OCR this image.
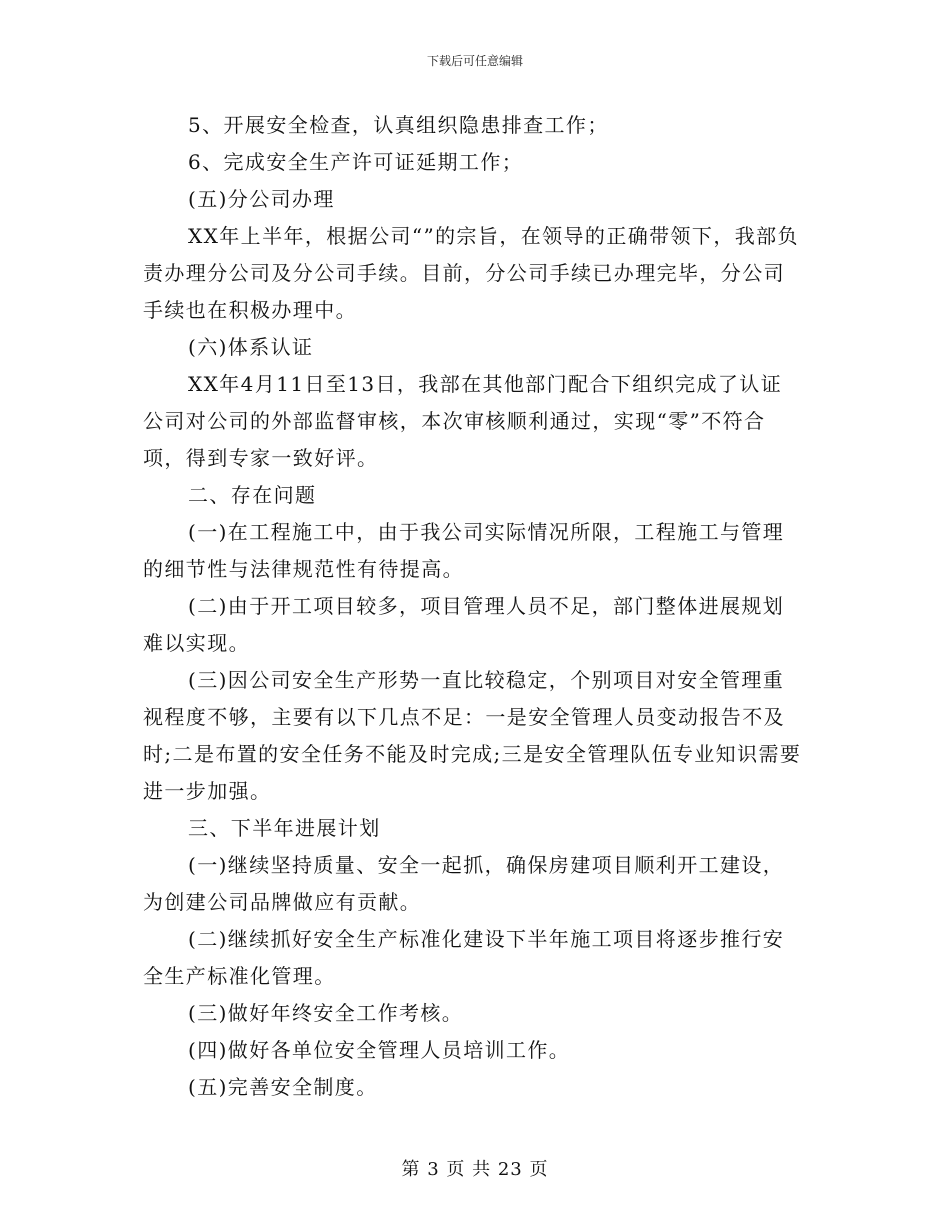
下载后可任意编辑

5、开展安全检查，认真组织隐患排查工作；

6、完成安全生产许可证延期工作；

(五)分公司办理

XX年上半年，根据公司“”的宗旨，在领导的正确带领下，我部负责办理分公司及分公司手续。目前，分公司手续已办理完毕，分公司手续也在积极办理中。

(六)体系认证

XX年4月11日至13日，我部在其他部门配合下组织完成了认证公司对公司的外部监督审核，本次审核顺利通过，实现“零”不符合项，得到专家一致好评。

二、存在问题

(一)在工程施工中，由于我公司实际情况所限，工程施工与管理的细节性与法律规范性有待提高。

(二)由于开工项目较多，项目管理人员不足，部门整体进展规划难以实现。

(三)因公司安全生产形势一直比较稳定，个别项目对安全管理重视程度不够，主要有以下几点不足：一是安全管理人员变动报告不及时;二是布置的安全任务不能及时完成;三是安全管理队伍专业知识需要进一步加强。

三、下半年进展计划

(一)继续坚持质量、安全一起抓，确保房建项目顺利开工建设，为创建公司品牌做应有贡献。

(二)继续抓好安全生产标准化建设下半年施工项目将逐步推行安全生产标准化管理。

(三)做好年终安全工作考核。

(四)做好各单位安全管理人员培训工作。

(五)完善安全制度。

第 3 页 共 23 页
